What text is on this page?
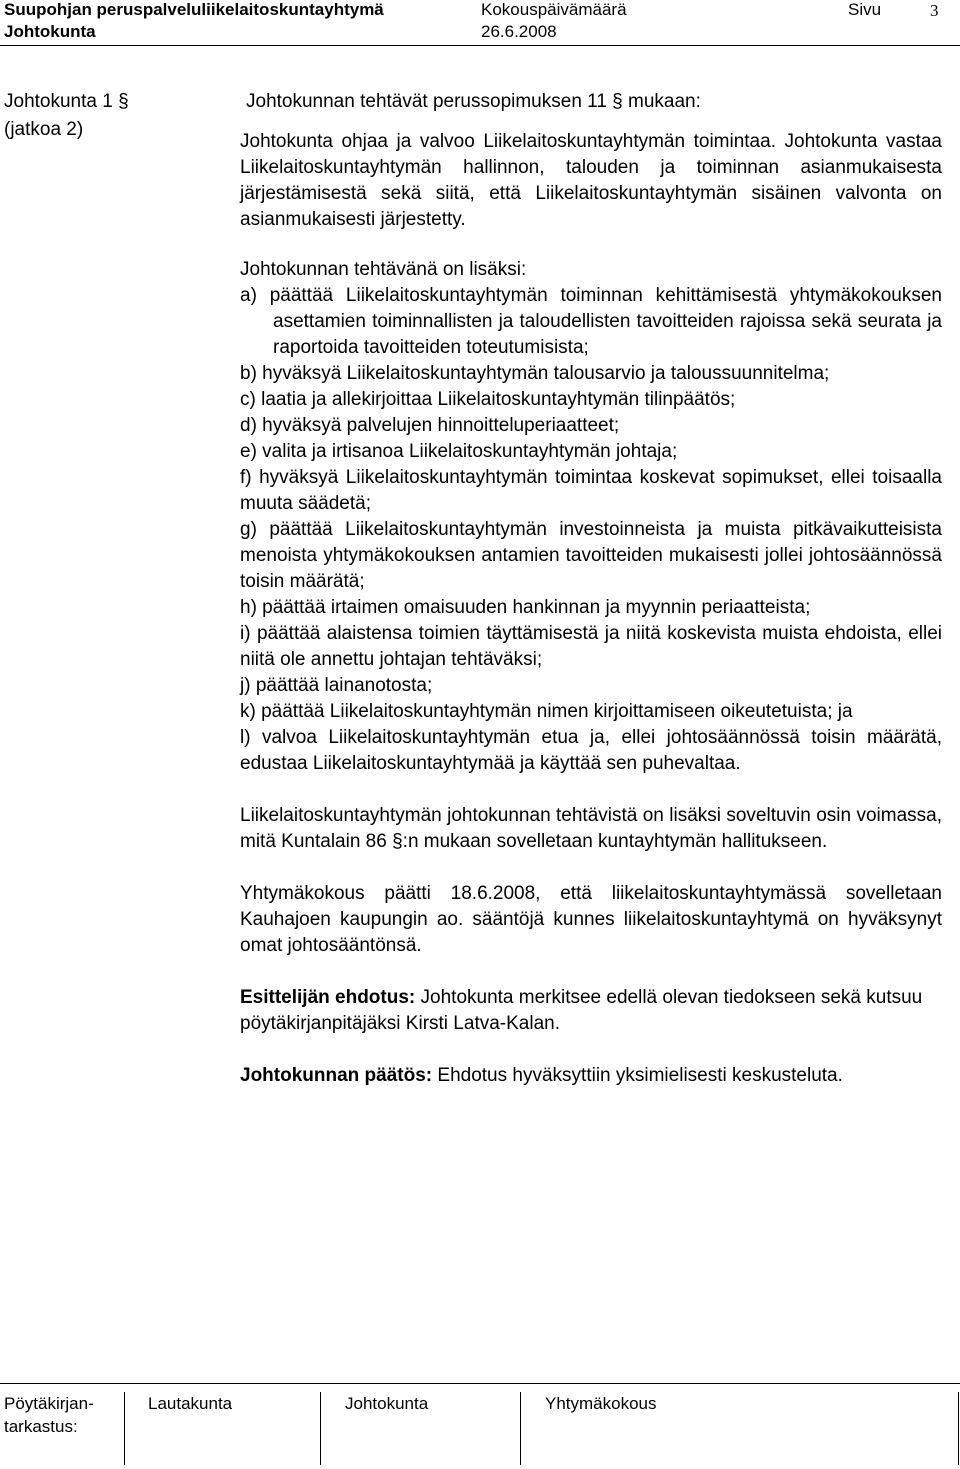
Suupohjan peruspalveluliikelaitoskuntayhtymä
Johtokunta
Kokouspäivämäärä
26.6.2008
Sivu	3
Johtokunta 1 §
(jatkoa 2)

Johtokunnan tehtävät perussopimuksen 11 § mukaan:

Johtokunta ohjaa ja valvoo Liikelaitoskuntayhtymän toimintaa. Johtokunta vastaa Liikelaitoskuntayhtymän hallinnon, talouden ja toiminnan asianmukaisesta järjestämisestä sekä siitä, että Liikelaitoskuntayhtymän sisäinen valvonta on asianmukaisesti järjestetty.

Johtokunnan tehtävänä on lisäksi:

a) päättää Liikelaitoskuntayhtymän toiminnan kehittämisestä yhtymäkokouksen asettamien toiminnallisten ja taloudellisten tavoitteiden rajoissa sekä seurata ja raportoida tavoitteiden toteutumisista;

b) hyväksyä Liikelaitoskuntayhtymän talousarvio ja taloussuunnitelma;

c) laatia ja allekirjoittaa Liikelaitoskuntayhtymän tilinpäätös;

d) hyväksyä palvelujen hinnoitteluperiaatteet;

e) valita ja irtisanoa Liikelaitoskuntayhtymän johtaja;

f) hyväksyä Liikelaitoskuntayhtymän toimintaa koskevat sopimukset, ellei toisaalla muuta säädetä;

g) päättää Liikelaitoskuntayhtymän investoinneista ja muista pitkävaikutteisista menoista yhtymäkokouksen antamien tavoitteiden mukaisesti jollei johtosäännössä toisin määrätä;

h) päättää irtaimen omaisuuden hankinnan ja myynnin periaatteista;

i) päättää alaistensa toimien täyttämisestä ja niitä koskevista muista ehdoista, ellei niitä ole annettu johtajan tehtäväksi;

j) päättää lainanotosta;

k) päättää Liikelaitoskuntayhtymän nimen kirjoittamiseen oikeutetuista; ja

l) valvoa Liikelaitoskuntayhtymän etua ja, ellei johtosäännössä toisin määrätä, edustaa Liikelaitoskuntayhtymää ja käyttää sen puhevaltaa.

Liikelaitoskuntayhtymän johtokunnan tehtävistä on lisäksi soveltuvin osin voimassa, mitä Kuntalain 86 §:n mukaan sovelletaan kuntayhtymän hallitukseen.

Yhtymäkokous päätti 18.6.2008, että liikelaitoskuntayhtymässä sovelletaan Kauhajoen kaupungin ao. sääntöjä kunnes liikelaitoskuntayhtymä on hyväksynyt omat johtosääntönsä.

Esittelijän ehdotus: Johtokunta merkitsee edellä olevan tiedokseen sekä kutsuu pöytäkirjanpitäjäksi Kirsti Latva-Kalan.

Johtokunnan päätös: Ehdotus hyväksyttiin yksimielisesti keskusteluta.

Pöytäkirjan-
tarkastus:
Lautakunta	Johtokunta	Yhtymäkokous
